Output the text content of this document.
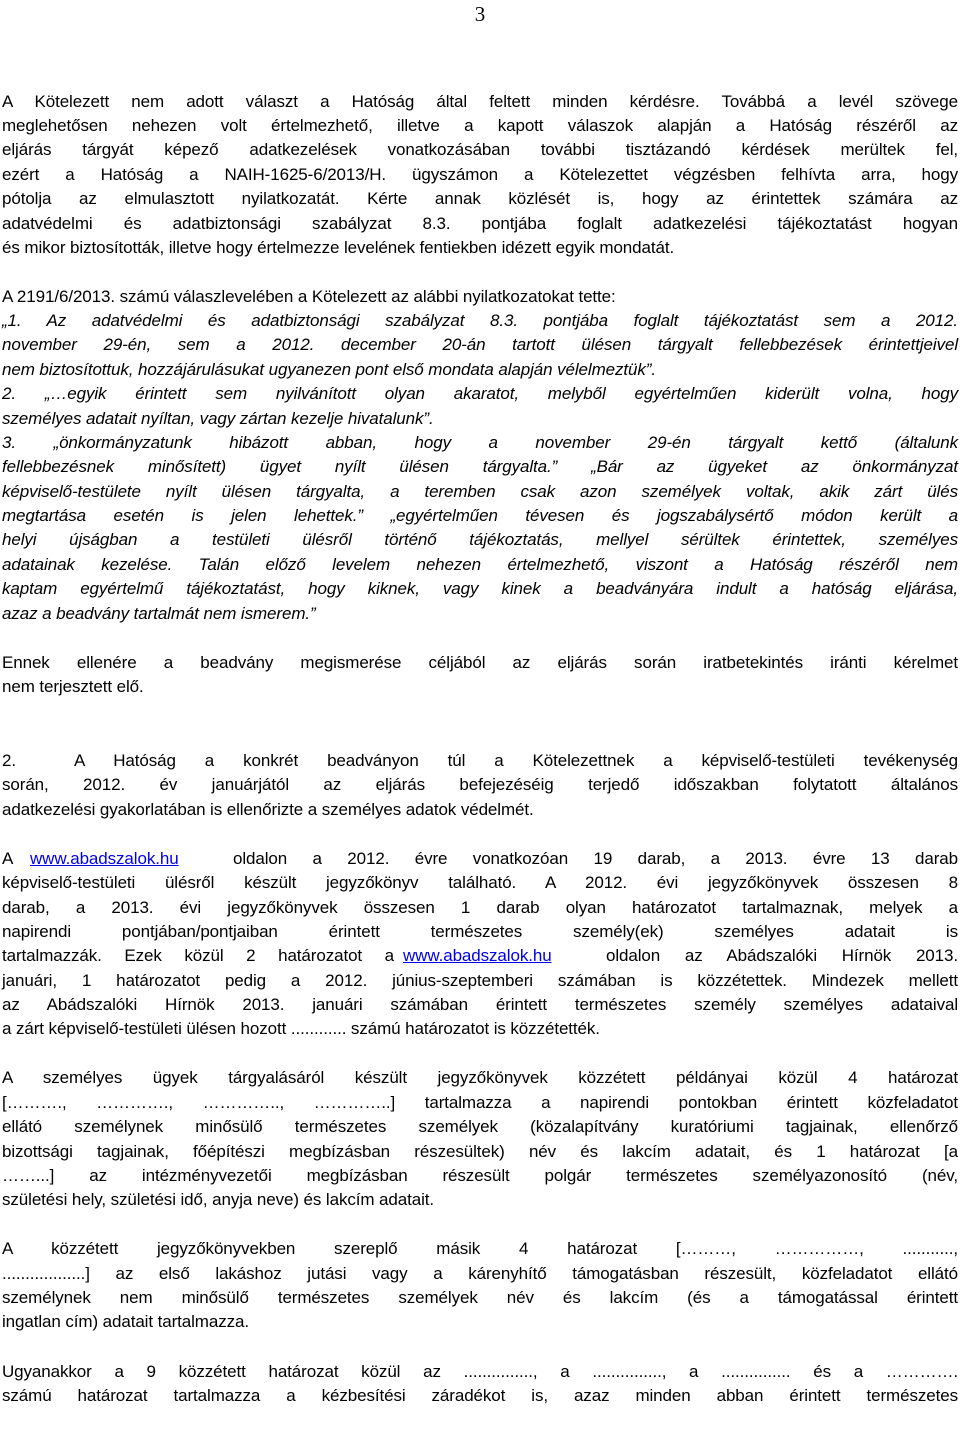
3
A Kötelezett nem adott választ a Hatóság által feltett minden kérdésre. Továbbá a levél szövege
meglehetősen nehezen volt értelmezhető, illetve a kapott válaszok alapján a Hatóság részéről az
eljárás tárgyát képező adatkezelések vonatkozásában további tisztázandó kérdések merültek fel,
ezért a Hatóság a NAIH-1625-6/2013/H. ügyszámon a Kötelezettet végzésben felhívta arra, hogy
pótolja az elmulasztott nyilatkozatát. Kérte annak közlését is, hogy az érintettek számára az
adatvédelmi és adatbiztonsági szabályzat 8.3. pontjába foglalt adatkezelési tájékoztatást hogyan
és mikor biztosították, illetve hogy értelmezze levelének fentiekben idézett egyik mondatát.
A 2191/6/2013. számú válaszlevelében a Kötelezett az alábbi nyilatkozatokat tette:
„1. Az adatvédelmi és adatbiztonsági szabályzat 8.3. pontjába foglalt tájékoztatást sem a 2012.
november 29-én, sem a 2012. december 20-án tartott ülésen tárgyalt fellebbezések érintettjeivel
nem biztosítottuk, hozzájárulásukat ugyanezen pont első mondata alapján vélelmeztük”.
2. „…egyik érintett sem nyilvánított olyan akaratot, melyből egyértelműen kiderült volna, hogy
személyes adatait nyíltan, vagy zártan kezelje hivatalunk”.
3. „önkormányzatunk hibázott abban, hogy a november 29-én tárgyalt kettő (általunk
fellebbezésnek minősített) ügyet nyílt ülésen tárgyalta.” „Bár az ügyeket az önkormányzat
képviselő-testülete nyílt ülésen tárgyalta, a teremben csak azon személyek voltak, akik zárt ülés
megtartása esetén is jelen lehettek.” „egyértelműen tévesen és jogszabálysértő módon került a
helyi újságban a testületi ülésről történő tájékoztatás, mellyel sérültek érintettek, személyes
adatainak kezelése. Talán előző levelem nehezen értelmezhető, viszont a Hatóság részéről nem
kaptam egyértelmű tájékoztatást, hogy kiknek, vagy kinek a beadványára indult a hatóság eljárása,
azaz a beadvány tartalmát nem ismerem.”
Ennek ellenére a beadvány megismerése céljából az eljárás során iratbetekintés iránti kérelmet
nem terjesztett elő.
2.	A Hatóság a konkrét beadványon túl a Kötelezettnek a képviselő-testületi tevékenység
során, 2012. év januárjától az eljárás befejezéséig terjedő időszakban folytatott általános
adatkezelési gyakorlatában is ellenőrizte a személyes adatok védelmét.
A www.abadszalok.hu	oldalon a 2012. évre vonatkozóan 19 darab, a 2013. évre 13 darab
képviselő-testületi ülésről készült jegyzőkönyv található. A 2012. évi jegyzőkönyvek összesen 8
darab, a 2013. évi jegyzőkönyvek összesen 1 darab olyan határozatot tartalmaznak, melyek a
napirendi pontjában/pontjaiban érintett természetes személy(ek) személyes adatait is
tartalmazzák. Ezek közül 2 határozatot a www.abadszalok.hu	oldalon az Abádszalóki Hírnök 2013.
januári, 1 határozatot pedig a 2012. június-szeptemberi számában is közzétettek. Mindezek mellett
az Abádszalóki Hírnök 2013. januári számában érintett természetes személy személyes adataival
a zárt képviselő-testületi ülésen hozott ............ számú határozatot is közzétették.
A személyes ügyek tárgyalásáról készült jegyzőkönyvek közzétett példányai közül 4 határozat
[………., …………., ………….., …………..] tartalmazza a napirendi pontokban érintett közfeladatot
ellátó személynek minősülő természetes személyek (közalapítvány kuratóriumi tagjainak, ellenőrző
bizottsági tagjainak, főépítészi megbízásban részesültek) név és lakcím adatait, és 1 határozat [a
……...] az intézményvezetői megbízásban részesült polgár természetes személyazonosító (név,
születési hely, születési idő, anyja neve) és lakcím adatait.
A közzétett jegyzőkönyvekben szereplő másik 4 határozat [………, ……………, ...........,
..................] az első lakáshoz jutási vagy a kárenyhítő támogatásban részesült, közfeladatot ellátó
személynek nem minősülő természetes személyek név és lakcím (és a támogatással érintett
ingatlan cím) adatait tartalmazza.
Ugyanakkor a 9 közzétett határozat közül az ..............., a ..............., a ............... és a ………….
számú határozat tartalmazza a kézbesítési záradékot is, azaz minden abban érintett természetes
